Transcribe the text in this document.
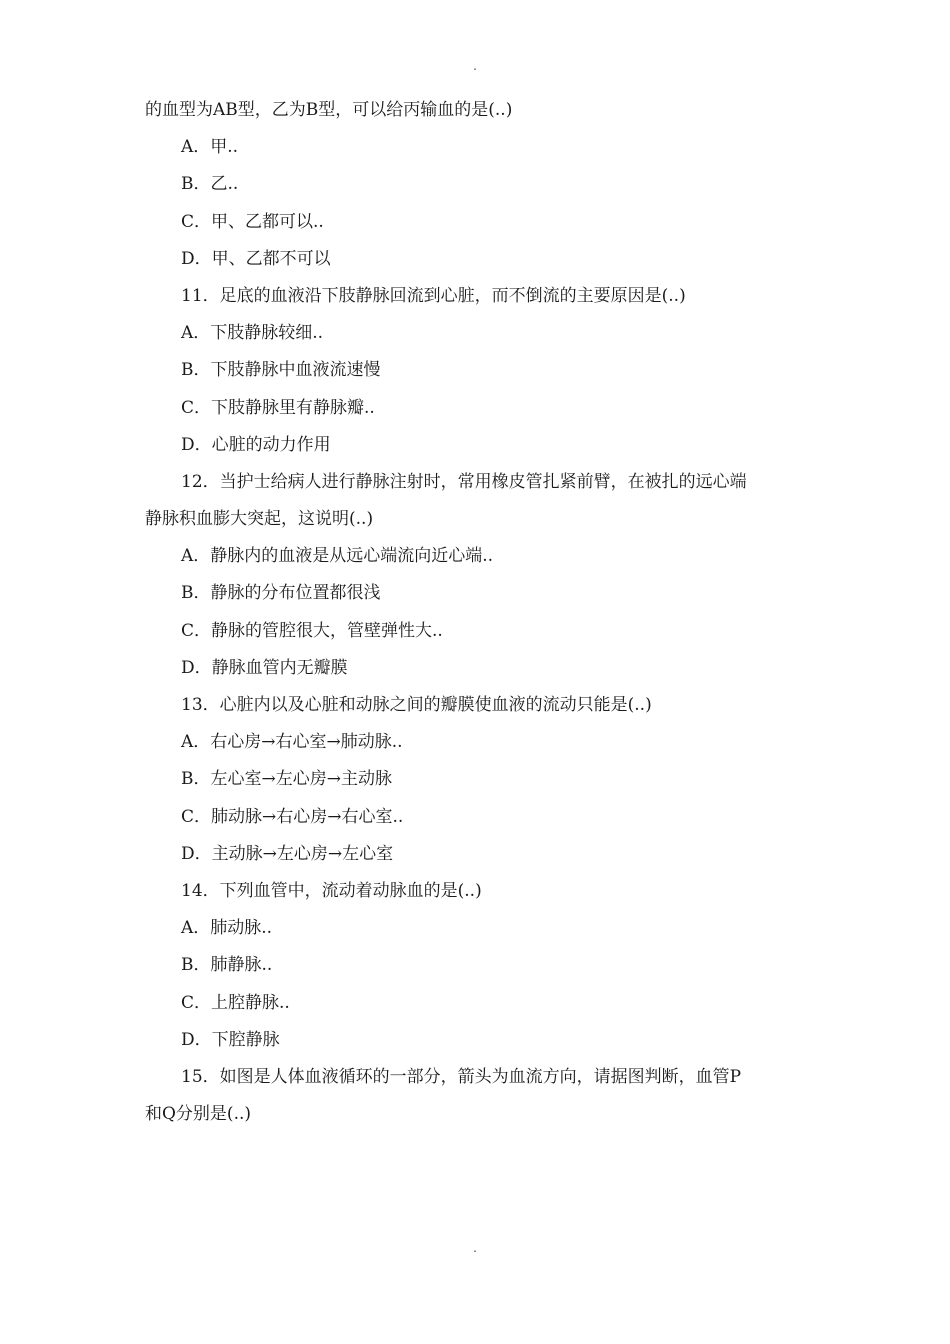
.
的血型为AB型，乙为B型，可以给丙输血的是(..)
A．甲..
B．乙..
C．甲、乙都可以..
D．甲、乙都不可以
11．足底的血液沿下肢静脉回流到心脏，而不倒流的主要原因是(..)
A．下肢静脉较细..
B．下肢静脉中血液流速慢
C．下肢静脉里有静脉瓣..
D．心脏的动力作用
12．当护士给病人进行静脉注射时，常用橡皮管扎紧前臂，在被扎的远心端
静脉积血膨大突起，这说明(..)
A．静脉内的血液是从远心端流向近心端..
B．静脉的分布位置都很浅
C．静脉的管腔很大，管壁弹性大..
D．静脉血管内无瓣膜
13．心脏内以及心脏和动脉之间的瓣膜使血液的流动只能是(..)
A．右心房→右心室→肺动脉..
B．左心室→左心房→主动脉
C．肺动脉→右心房→右心室..
D．主动脉→左心房→左心室
14．下列血管中，流动着动脉血的是(..)
A．肺动脉..
B．肺静脉..
C．上腔静脉..
D．下腔静脉
15．如图是人体血液循环的一部分，箭头为血流方向，请据图判断，血管P
和Q分别是(..)
.
